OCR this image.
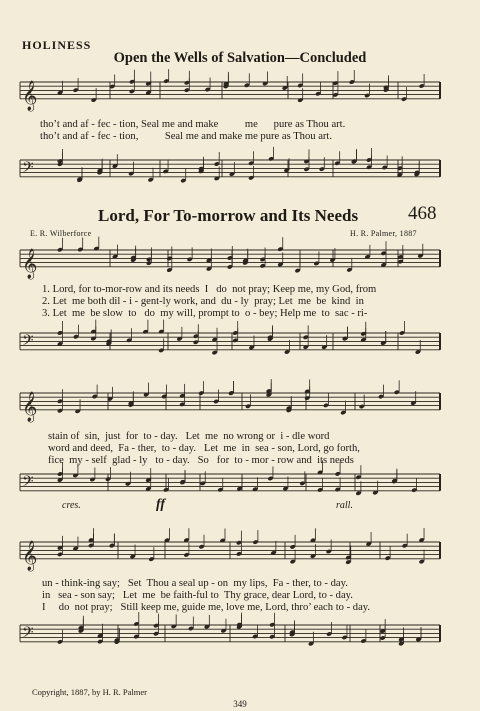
HOLINESS
Open the Wells of Salvation—Concluded
𝄞
𝄢
𝄞
𝄢
𝄞
𝄢
𝄞
𝄢
tho’t and af - fec - tion, Seal me and make          me      pure as Thou art.
tho’t and af - fec - tion,          Seal me and make me pure as Thou art.
Lord, For To-morrow and Its Needs	468
E. R. Wilberforce	H. R. Palmer, 1887
1. Lord, for to-mor-row and its needs  I   do  not pray; Keep me, my God, from
2. Let  me both dil - i - gent-ly work, and  du - ly  pray; Let  me  be  kind  in
3. Let  me  be slow  to   do  my will, prompt to  o - bey; Help me  to  sac - ri-
stain of  sin,  just  for  to - day.   Let  me  no wrong or  i - dle word
word and deed,  Fa - ther,  to - day.   Let  me  in  sea - son, Lord, go forth,
fice  my - self  glad - ly   to - day.   So   for  to - mor - row and  its needs
cres.	ff	rall.
un - think-ing say;   Set  Thou a seal up - on  my lips,  Fa - ther, to - day.
in   sea - son say;   Let  me  be faith-ful to  Thy grace, dear Lord, to - day.
I     do  not pray;   Still keep me, guide me, love me, Lord, thro’ each to - day.
Copyright, 1887, by H. R. Palmer
349
